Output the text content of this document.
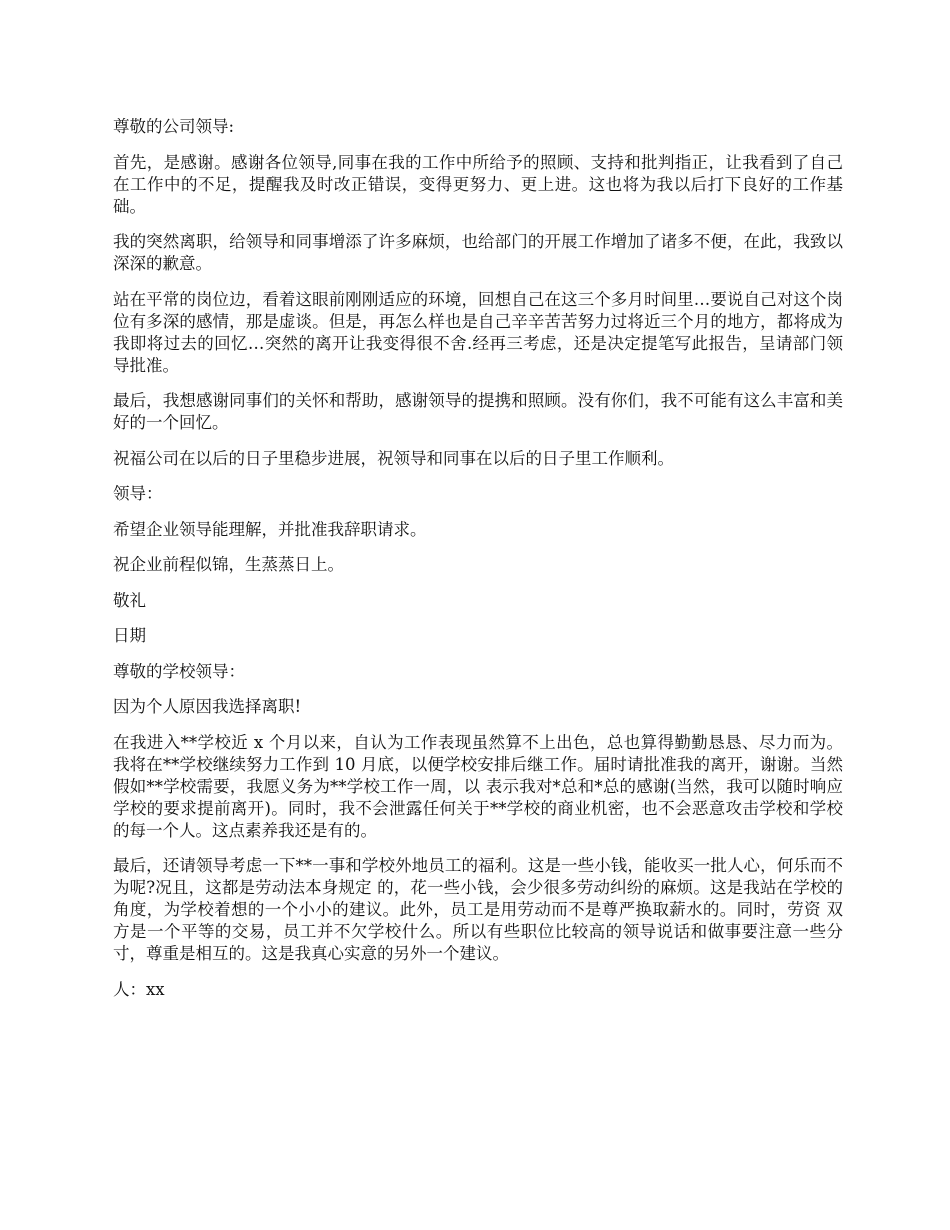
尊敬的公司领导:

首先，是感谢。感谢各位领导,同事在我的工作中所给予的照顾、支持和批判指正，让我看到了自己在工作中的不足，提醒我及时改正错误，变得更努力、更上进。这也将为我以后打下良好的工作基础。

我的突然离职，给领导和同事增添了许多麻烦，也给部门的开展工作增加了诸多不便，在此，我致以深深的歉意。

站在平常的岗位边，看着这眼前刚刚适应的环境，回想自己在这三个多月时间里…要说自己对这个岗位有多深的感情，那是虚谈。但是，再怎么样也是自己辛辛苦苦努力过将近三个月的地方，都将成为我即将过去的回忆…突然的离开让我变得很不舍.经再三考虑，还是决定提笔写此报告，呈请部门领导批准。

最后，我想感谢同事们的关怀和帮助，感谢领导的提携和照顾。没有你们，我不可能有这么丰富和美好的一个回忆。

祝福公司在以后的日子里稳步进展，祝领导和同事在以后的日子里工作顺利。

领导：

希望企业领导能理解，并批准我辞职请求。

祝企业前程似锦，生蒸蒸日上。

敬礼

日期

尊敬的学校领导：

因为个人原因我选择离职!

在我进入**学校近 x 个月以来，自认为工作表现虽然算不上出色，总也算得勤勤恳恳、尽力而为。 我将在**学校继续努力工作到 10 月底，以便学校安排后继工作。届时请批准我的离开，谢谢。当然假如**学校需要，我愿义务为**学校工作一周，以 表示我对*总和*总的感谢(当然，我可以随时响应学校的要求提前离开)。同时，我不会泄露任何关于**学校的商业机密，也不会恶意攻击学校和学校 的每一个人。这点素养我还是有的。

最后，还请领导考虑一下**一事和学校外地员工的福利。这是一些小钱，能收买一批人心，何乐而不为呢?况且，这都是劳动法本身规定 的，花一些小钱，会少很多劳动纠纷的麻烦。这是我站在学校的角度，为学校着想的一个小小的建议。此外，员工是用劳动而不是尊严换取薪水的。同时，劳资 双方是一个平等的交易，员工并不欠学校什么。所以有些职位比较高的领导说话和做事要注意一些分寸，尊重是相互的。这是我真心实意的另外一个建议。

人：xx
